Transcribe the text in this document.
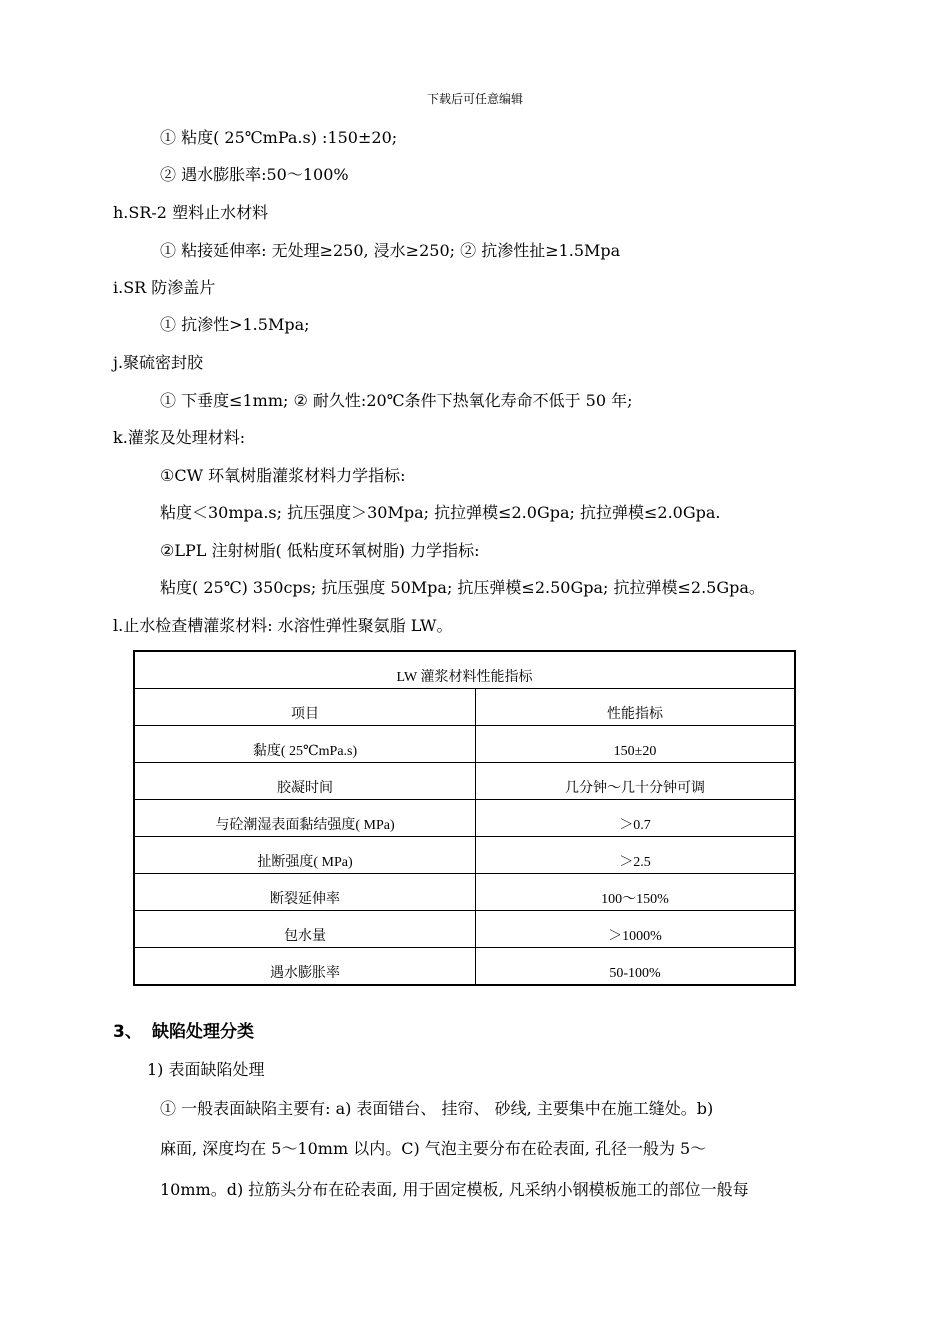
下载后可任意编辑
① 粘度( 25℃mPa.s) :150±20;
② 遇水膨胀率:50～100%
h.SR-2 塑料止水材料
① 粘接延伸率: 无处理≥250, 浸水≥250; ② 抗渗性扯≥1.5Mpa
i.SR 防渗盖片
① 抗渗性>1.5Mpa;
j.聚硫密封胶
① 下垂度≤1mm; ② 耐久性:20℃条件下热氧化寿命不低于 50 年;
k.灌浆及处理材料:
①CW 环氧树脂灌浆材料力学指标:
粘度＜30mpa.s; 抗压强度＞30Mpa; 抗拉弹模≤2.0Gpa; 抗拉弹模≤2.0Gpa.
②LPL 注射树脂( 低粘度环氧树脂) 力学指标:
粘度( 25℃) 350cps; 抗压强度 50Mpa; 抗压弹模≤2.50Gpa; 抗拉弹模≤2.5Gpa。
l.止水检查槽灌浆材料: 水溶性弹性聚氨脂 LW。
LW 灌浆材料性能指标	
项目	性能指标
黏度( 25℃mPa.s)	150±20
胶凝时间	几分钟～几十分钟可调
与砼潮湿表面黏结强度( MPa)	＞0.7
扯断强度( MPa)	＞2.5
断裂延伸率	100～150%
包水量	＞1000%
遇水膨胀率	50-100%
3、 缺陷处理分类
1) 表面缺陷处理
① 一般表面缺陷主要有: a) 表面错台、 挂帘、 砂线, 主要集中在施工缝处。b)
麻面, 深度均在 5～10mm 以内。C) 气泡主要分布在砼表面, 孔径一般为 5～
10mm。d) 拉筋头分布在砼表面, 用于固定模板, 凡采纳小钢模板施工的部位一般每
